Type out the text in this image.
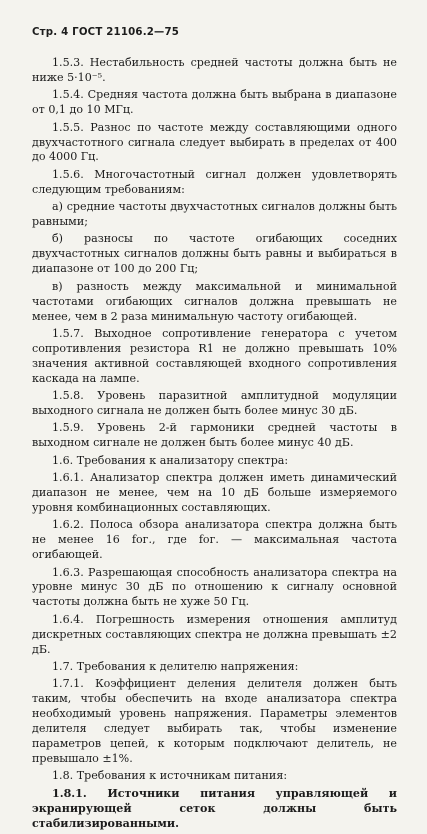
Стр. 4 ГОСТ 21106.2—75

1.5.3. Нестабильность средней частоты должна быть не ниже 5·10⁻⁵.

1.5.4. Средняя частота должна быть выбрана в диапазоне от 0,1 до 10 МГц.

1.5.5. Разнос по частоте между составляющими одного двухчастотного сигнала следует выбирать в пределах от 400 до 4000 Гц.

1.5.6. Многочастотный сигнал должен удовлетворять следующим требованиям:

а) средние частоты двухчастотных сигналов должны быть равными;

б) разносы по частоте огибающих соседних двухчастотных сигналов должны быть равны и выбираться в диапазоне от 100 до 200 Гц;

в) разность между максимальной и минимальной частотами огибающих сигналов должна превышать не менее, чем в 2 раза минимальную частоту огибающей.

1.5.7. Выходное сопротивление генератора с учетом сопротивления резистора R1 не должно превышать 10% значения активной составляющей входного сопротивления каскада на лампе.

1.5.8. Уровень паразитной амплитудной модуляции выходного сигнала не должен быть более минус 30 дБ.

1.5.9. Уровень 2-й гармоники средней частоты в выходном сигнале не должен быть более минус 40 дБ.

1.6. Требования к анализатору спектра:

1.6.1. Анализатор спектра должен иметь динамический диапазон не менее, чем на 10 дБ больше измеряемого уровня комбинационных составляющих.

1.6.2. Полоса обзора анализатора спектра должна быть не менее 16 fог., где fог. — максимальная частота огибающей.

1.6.3. Разрешающая способность анализатора спектра на уровне минус 30 дБ по отношению к сигналу основной частоты должна быть не хуже 50 Гц.

1.6.4. Погрешность измерения отношения амплитуд дискретных составляющих спектра не должна превышать ±2 дБ.

1.7. Требования к делителю напряжения:

1.7.1. Коэффициент деления делителя должен быть таким, чтобы обеспечить на входе анализатора спектра необходимый уровень напряжения. Параметры элементов делителя следует выбирать так, чтобы изменение параметров цепей, к которым подключают делитель, не превышало ±1%.

1.8. Требования к источникам питания:

1.8.1. Источники питания управляющей и экранирующей сеток должны быть стабилизированными.
